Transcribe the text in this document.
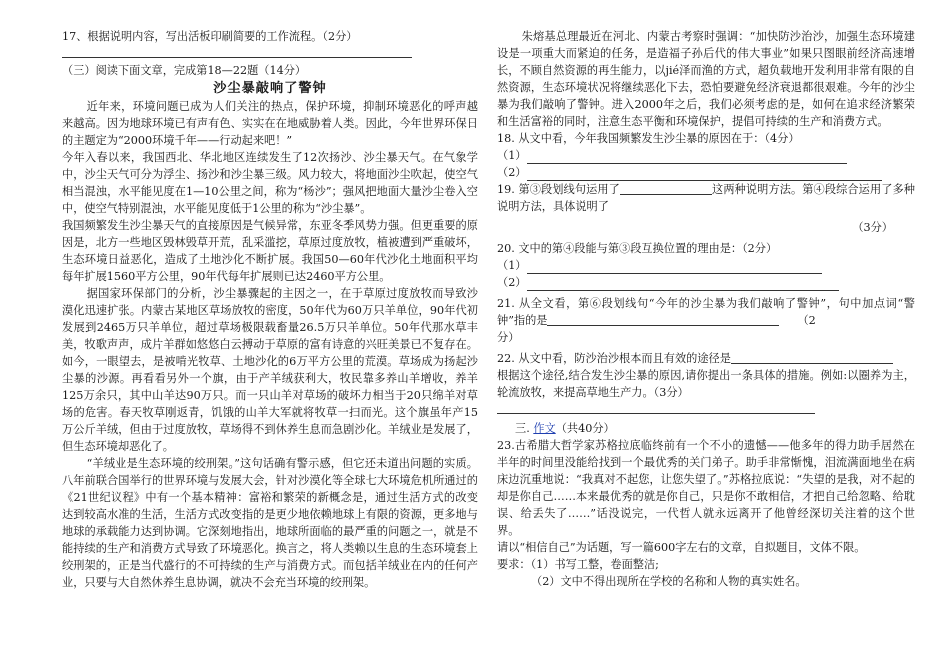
17、根据说明内容，写出活板印刷简要的工作流程。（2分）

（三）阅读下面文章，完成第18—22题（14分）

沙尘暴敲响了警钟

近年来，环境问题已成为人们关注的热点，保护环境，抑制环境恶化的呼声越来越高。因为地球环境已有声有色、实实在在地威胁着人类。因此，今年世界环保日的主题定为“2000环境千年——行动起来吧！”

今年入春以来，我国西北、华北地区连续发生了12次扬沙、沙尘暴天气。在气象学中，沙尘天气可分为浮尘、扬沙和沙尘暴三级。风力较大，将地面沙尘吹起，使空气相当混浊，水平能见度在1—10公里之间，称为“杨沙”；强风把地面大量沙尘卷入空中，使空气特别混浊，水平能见度低于1公里的称为“沙尘暴”。

我国频繁发生沙尘暴天气的直接原因是气候异常，东亚冬季风势力强。但更重要的原因是，北方一些地区毁林毁草开荒，乱采滥挖，草原过度放牧，植被遭到严重破坏，生态环境日益恶化，造成了土地沙化不断扩展。我国50—60年代沙化土地面积平均每年扩展1560平方公里，90年代每年扩展则已达2460平方公里。

据国家环保部门的分析，沙尘暴骤起的主因之一，在于草原过度放牧而导致沙漠化迅速扩张。内蒙古某地区草场放牧的密度，50年代为60万只羊单位，90年代初发展到2465万只羊单位，超过草场极限载畜量26.5万只羊单位。50年代那水草丰美，牧歌声声，成片羊群如悠悠白云搏动于草原的富有诗意的兴旺美景已不复存在。如今，一眼望去，是被啃光牧草、土地沙化的6万平方公里的荒漠。草场成为扬起沙尘暴的沙源。再看看另外一个旗，由于产羊绒获利大，牧民靠多养山羊增收，养羊125万余只，其中山羊达90万只。而一只山羊对草场的破坏力相当于20只绵羊对草场的危害。春天牧草刚返青，饥饿的山羊大军就将牧草一扫而光。这个旗虽年产15万公斤羊绒，但由于过度放牧，草场得不到休养生息而急剧沙化。羊绒业是发展了，但生态环境却恶化了。

“羊绒业是生态环境的绞刑架。”这句话确有警示感，但它还未道出问题的实质。八年前联合国举行的世界环境与发展大会，针对沙漠化等全球七大环境危机所通过的《21世纪议程》中有一个基本精神：富裕和繁荣的新概念是，通过生活方式的改变达到较高水准的生活，生活方式改变指的是更少地依赖地球上有限的资源，更多地与地球的承载能力达到协调。它深刻地指出，地球所面临的最严重的问题之一，就是不能持续的生产和消费方式导致了环境恶化。换言之，将人类赖以生息的生态环境套上绞刑架的，正是当代盛行的不可持续的生产与消费方式。而包括羊绒业在内的任何产业，只要与大自然休养生息协调，就决不会充当环境的绞刑架。

朱熔基总理最近在河北、内蒙古考察时强调：“加快防沙治沙，加强生态环境建设是一项重大而紧迫的任务，是造福子孙后代的伟大事业”如果只图眼前经济高速增长，不顾自然资源的再生能力，以jié泽而渔的方式，超负载地开发利用非常有限的自然资源，生态环境状况将继续恶化下去，恐怕要避免经济衰退都很艰难。今年的沙尘暴为我们敲响了警钟。进入2000年之后，我们必须考虑的是，如何在追求经济繁荣和生活富裕的同时，注意生态平衡和环境保护，提倡可持续的生产和消费方式。

18. 从文中看，今年我国频繁发生沙尘暴的原因在于：（4分）

（1）
（2）

19. 第③段划线句运用了	这两种说明方法。第④段综合运用了多种说明方法，具体说明了

（3分）

20. 文中的第④段能与第③段互换位置的理由是：（2分）

（1）
（2）

21. 从全文看，第⑥段划线句“今年的沙尘暴为我们敲响了警钟”，句中加点词“警钟”指的是	（2

分）

22. 从文中看，防沙治沙根本而且有效的途径是

根据这个途径,结合发生沙尘暴的原因,请你提出一条具体的措施。例如:以圈养为主，轮流放牧，来提高草地生产力。（3分）

三. 作文（共40分）

23.古希腊大哲学家苏格拉底临终前有一个不小的遗憾——他多年的得力助手居然在半年的时间里没能给找到一个最优秀的关门弟子。助手非常惭愧，泪流满面地坐在病床边沉重地说：“我真对不起您，让您失望了。”苏格拉底说：“失望的是我，对不起的却是你自己……本来最优秀的就是你自己，只是你不敢相信，才把自己给忽略、给耽误、给丢失了……”话没说完，一代哲人就永远离开了他曾经深切关注着的这个世界。

请以“相信自己”为话题，写一篇600字左右的文章，自拟题目，文体不限。

要求：（1）书写工整，卷面整洁;

（2）文中不得出现所在学校的名称和人物的真实姓名。
